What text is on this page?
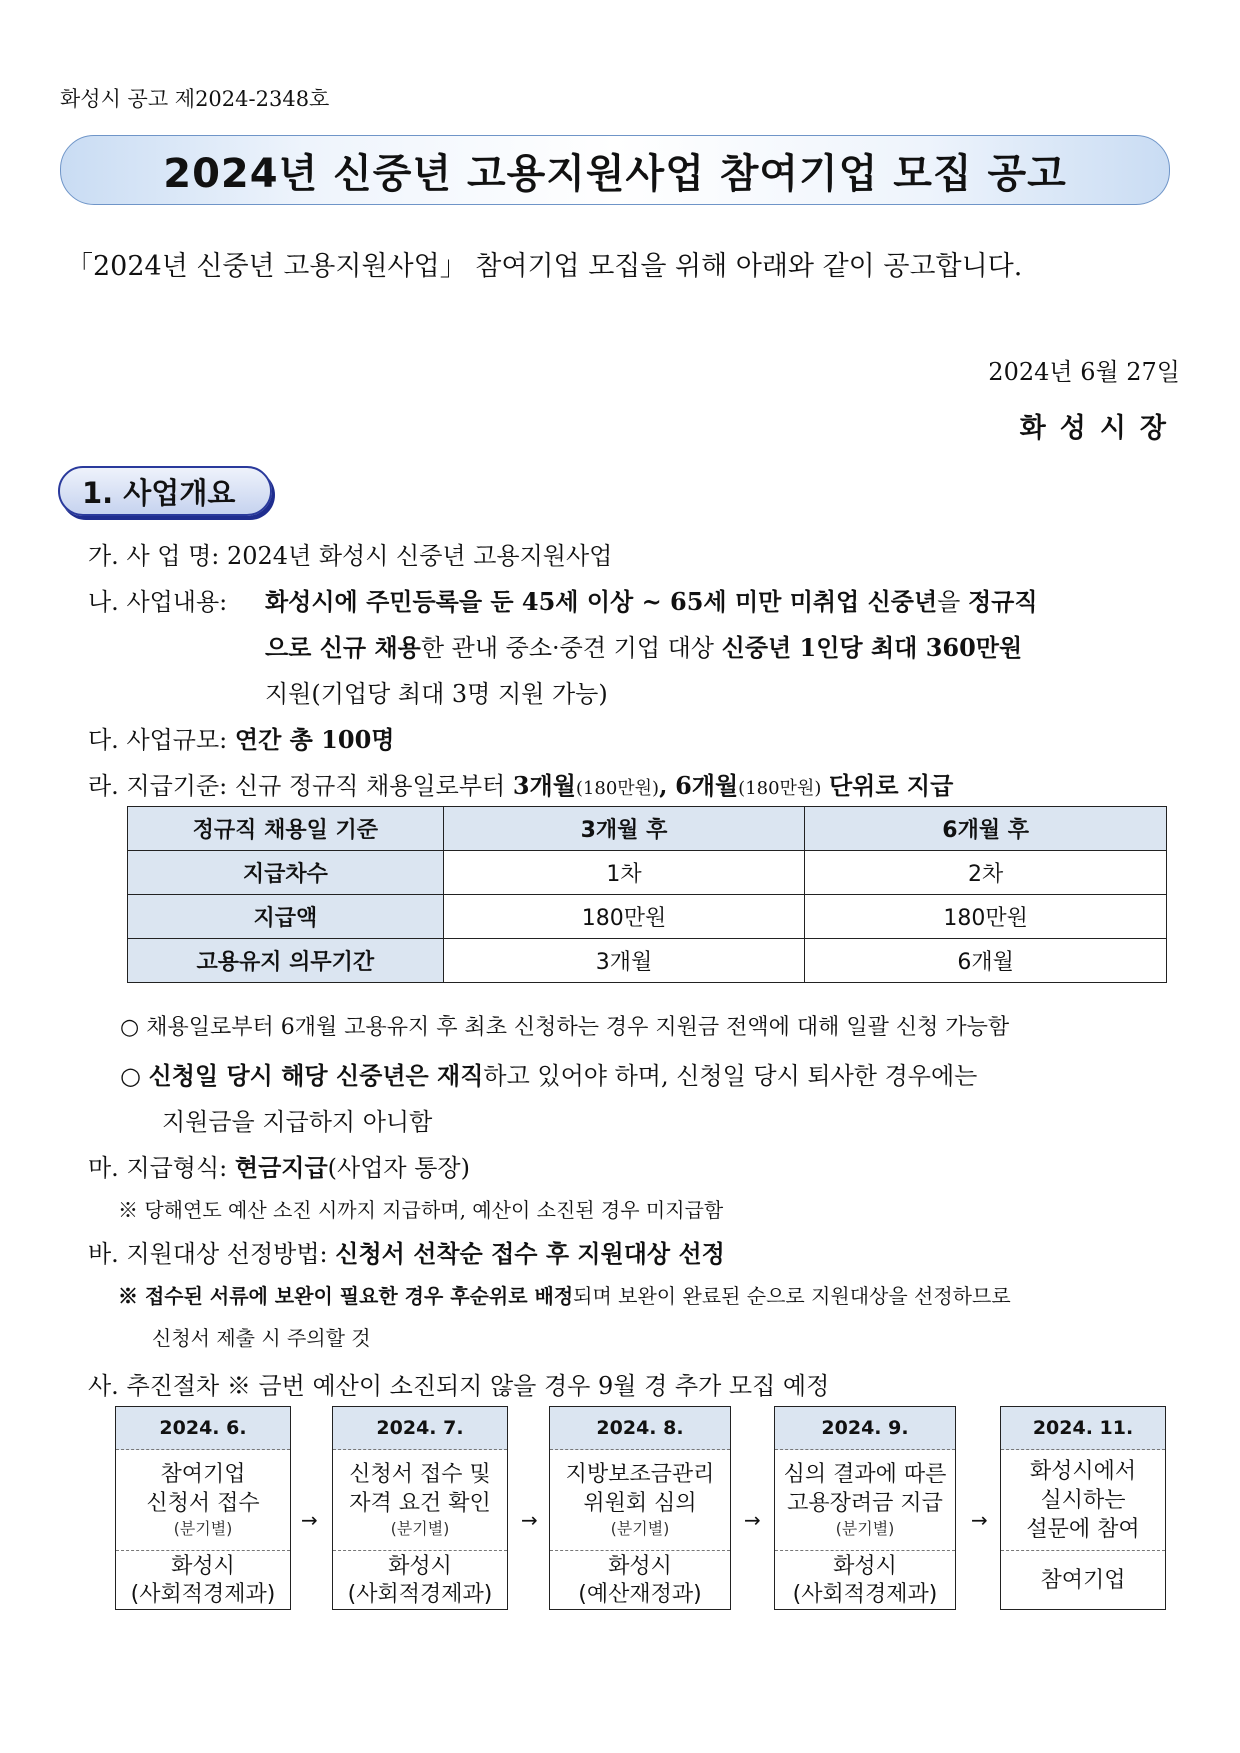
화성시 공고 제2024-2348호
2024년 신중년 고용지원사업 참여기업 모집 공고
「2024년 신중년 고용지원사업」 참여기업 모집을 위해 아래와 같이 공고합니다.
2024년 6월 27일
화성시장
1. 사업개요
가. 사 업 명: 2024년 화성시 신중년 고용지원사업
나. 사업내용: 화성시에 주민등록을 둔 45세 이상 ~ 65세 미만 미취업 신중년을 정규직
으로 신규 채용한 관내 중소·중견 기업 대상 신중년 1인당 최대 360만원
지원(기업당 최대 3명 지원 가능)
다. 사업규모: 연간 총 100명
라. 지급기준: 신규 정규직 채용일로부터 3개월(180만원), 6개월(180만원) 단위로 지급
정규직 채용일 기준	3개월 후	6개월 후
지급차수	1차	2차
지급액	180만원	180만원
고용유지 의무기간	3개월	6개월
○ 채용일로부터 6개월 고용유지 후 최초 신청하는 경우 지원금 전액에 대해 일괄 신청 가능함
○ 신청일 당시 해당 신중년은 재직하고 있어야 하며, 신청일 당시 퇴사한 경우에는
지원금을 지급하지 아니함
마. 지급형식: 현금지급(사업자 통장)
※ 당해연도 예산 소진 시까지 지급하며, 예산이 소진된 경우 미지급함
바. 지원대상 선정방법: 신청서 선착순 접수 후 지원대상 선정
※ 접수된 서류에 보완이 필요한 경우 후순위로 배정되며 보완이 완료된 순으로 지원대상을 선정하므로
신청서 제출 시 주의할 것
사. 추진절차 ※ 금번 예산이 소진되지 않을 경우 9월 경 추가 모집 예정
2024. 6.
참여기업
신청서 접수
(분기별)
화성시
(사회적경제과)
→
2024. 7.
신청서 접수 및
자격 요건 확인
(분기별)
화성시
(사회적경제과)
→
2024. 8.
지방보조금관리
위원회 심의
(분기별)
화성시
(예산재정과)
→
2024. 9.
심의 결과에 따른
고용장려금 지급
(분기별)
화성시
(사회적경제과)
→
2024. 11.
화성시에서
실시하는
설문에 참여
참여기업
